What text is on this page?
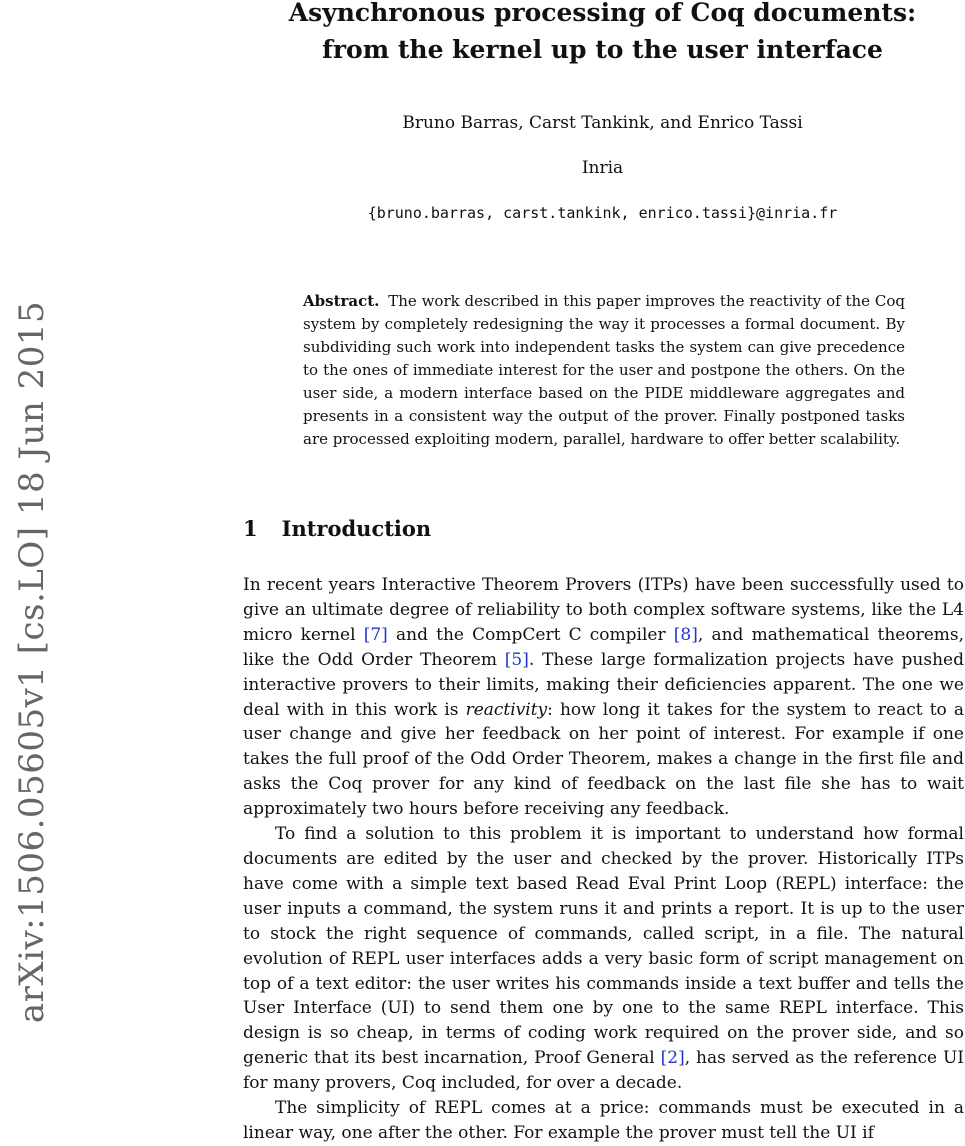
arXiv:1506.05605v1 [cs.LO] 18 Jun 2015
Asynchronous processing of Coq documents:
from the kernel up to the user interface
Bruno Barras, Carst Tankink, and Enrico Tassi
Inria
{bruno.barras, carst.tankink, enrico.tassi}@inria.fr
Abstract. The work described in this paper improves the reactivity of the Coq system by completely redesigning the way it processes a formal document. By subdividing such work into independent tasks the system can give precedence to the ones of immediate interest for the user and postpone the others. On the user side, a modern interface based on the PIDE middleware aggregates and presents in a consistent way the output of the prover. Finally postponed tasks are processed exploiting modern, parallel, hardware to offer better scalability.
1 Introduction

In recent years Interactive Theorem Provers (ITPs) have been successfully used to give an ultimate degree of reliability to both complex software systems, like the L4 micro kernel [7] and the CompCert C compiler [8], and mathematical theorems, like the Odd Order Theorem [5]. These large formalization projects have pushed interactive provers to their limits, making their deficiencies apparent. The one we deal with in this work is reactivity: how long it takes for the system to react to a user change and give her feedback on her point of interest. For example if one takes the full proof of the Odd Order Theorem, makes a change in the first file and asks the Coq prover for any kind of feedback on the last file she has to wait approximately two hours before receiving any feedback.

To find a solution to this problem it is important to understand how formal documents are edited by the user and checked by the prover. Historically ITPs have come with a simple text based Read Eval Print Loop (REPL) interface: the user inputs a command, the system runs it and prints a report. It is up to the user to stock the right sequence of commands, called script, in a file. The natural evolution of REPL user interfaces adds a very basic form of script management on top of a text editor: the user writes his commands inside a text buffer and tells the User Interface (UI) to send them one by one to the same REPL interface. This design is so cheap, in terms of coding work required on the prover side, and so generic that its best incarnation, Proof General [2], has served as the reference UI for many provers, Coq included, for over a decade.

The simplicity of REPL comes at a price: commands must be executed in a linear way, one after the other. For example the prover must tell the UI if
